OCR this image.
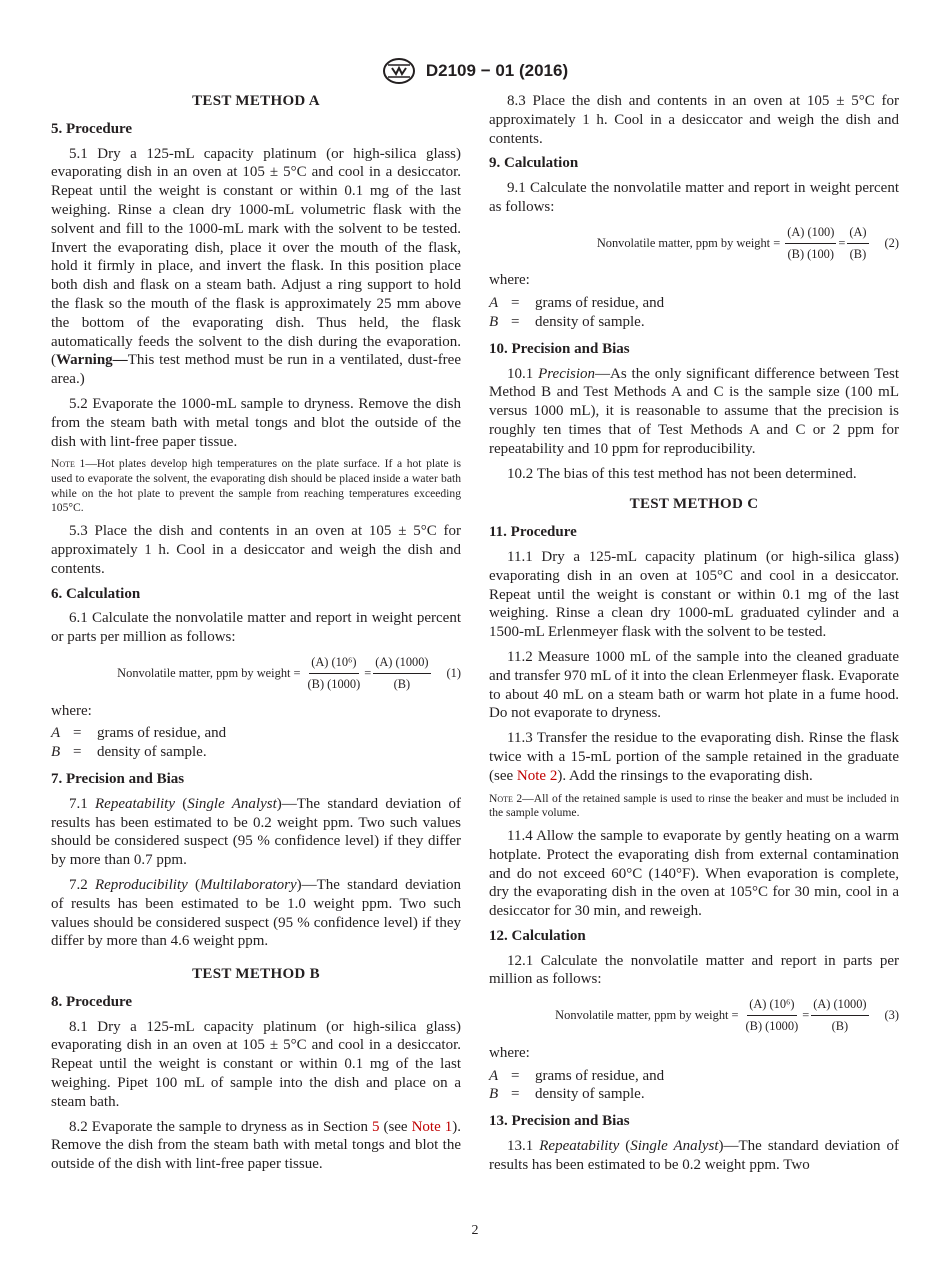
D2109 − 01 (2016)
TEST METHOD A
5. Procedure

5.1 Dry a 125-mL capacity platinum (or high-silica glass) evaporating dish in an oven at 105 ± 5°C and cool in a desiccator. Repeat until the weight is constant or within 0.1 mg of the last weighing. Rinse a clean dry 1000-mL volumetric flask with the solvent and fill to the 1000-mL mark with the solvent to be tested. Invert the evaporating dish, place it over the mouth of the flask, hold it firmly in place, and invert the flask. In this position place both dish and flask on a steam bath. Adjust a ring support to hold the flask so the mouth of the flask is approximately 25 mm above the bottom of the evaporating dish. Thus held, the flask automatically feeds the solvent to the dish during the evaporation. (Warning—This test method must be run in a ventilated, dust-free area.)

5.2 Evaporate the 1000-mL sample to dryness. Remove the dish from the steam bath with metal tongs and blot the outside of the dish with lint-free paper tissue.

Note 1—Hot plates develop high temperatures on the plate surface. If a hot plate is used to evaporate the solvent, the evaporating dish should be placed inside a water bath while on the hot plate to prevent the sample from reaching temperatures exceeding 105°C.

5.3 Place the dish and contents in an oven at 105 ± 5°C for approximately 1 h. Cool in a desiccator and weigh the dish and contents.

6. Calculation

6.1 Calculate the nonvolatile matter and report in weight percent or parts per million as follows:

Nonvolatile matter, ppm by weight = $\frac{\text{(A) (10⁶)}}{(B) (1000)} = \frac{(A) (1000)}{(B)} (1)$

where:

A =	grams of residue, and
B =	density of sample.
7. Precision and Bias

7.1 Repeatability (Single Analyst)—The standard deviation of results has been estimated to be 0.2 weight ppm. Two such values should be considered suspect (95 % confidence level) if they differ by more than 0.7 ppm.

7.2 Reproducibility (Multilaboratory)—The standard deviation of results has been estimated to be 1.0 weight ppm. Two such values should be considered suspect (95 % confidence level) if they differ by more than 4.6 weight ppm.

TEST METHOD B
8. Procedure

8.1 Dry a 125-mL capacity platinum (or high-silica glass) evaporating dish in an oven at 105 ± 5°C and cool in a desiccator. Repeat until the weight is constant or within 0.1 mg of the last weighing. Pipet 100 mL of sample into the dish and place on a steam bath.

8.2 Evaporate the sample to dryness as in Section 5 (see Note 1). Remove the dish from the steam bath with metal tongs and blot the outside of the dish with lint-free paper tissue.

8.3 Place the dish and contents in an oven at 105 ± 5°C for approximately 1 h. Cool in a desiccator and weigh the dish and contents.

9. Calculation

9.1 Calculate the nonvolatile matter and report in weight percent as follows:

Nonvolatile matter, ppm by weight = $\frac{(A) (100)}{(B) (100)} = \frac{(A)}{(B)} (2)$

where:

A =	grams of residue, and
B =	density of sample.
10. Precision and Bias

10.1 Precision—As the only significant difference between Test Method B and Test Methods A and C is the sample size (100 mL versus 1000 mL), it is reasonable to assume that the precision is roughly ten times that of Test Methods A and C or 2 ppm for repeatability and 10 ppm for reproducibility.

10.2 The bias of this test method has not been determined.

TEST METHOD C
11. Procedure

11.1 Dry a 125-mL capacity platinum (or high-silica glass) evaporating dish in an oven at 105°C and cool in a desiccator. Repeat until the weight is constant or within 0.1 mg of the last weighing. Rinse a clean dry 1000-mL graduated cylinder and a 1500-mL Erlenmeyer flask with the solvent to be tested.

11.2 Measure 1000 mL of the sample into the cleaned graduate and transfer 970 mL of it into the clean Erlenmeyer flask. Evaporate to about 40 mL on a steam bath or warm hot plate in a fume hood. Do not evaporate to dryness.

11.3 Transfer the residue to the evaporating dish. Rinse the flask twice with a 15-mL portion of the sample retained in the graduate (see Note 2). Add the rinsings to the evaporating dish.

Note 2—All of the retained sample is used to rinse the beaker and must be included in the sample volume.

11.4 Allow the sample to evaporate by gently heating on a warm hotplate. Protect the evaporating dish from external contamination and do not exceed 60°C (140°F). When evaporation is complete, dry the evaporating dish in the oven at 105°C for 30 min, cool in a desiccator for 30 min, and reweigh.

12. Calculation

12.1 Calculate the nonvolatile matter and report in parts per million as follows:

Nonvolatile matter, ppm by weight = $\frac{\text{(A) (10⁶)}}{(B) (1000)} = \frac{(A) (1000)}{(B)} (3)$

where:

A =	grams of residue, and
B =	density of sample.
13. Precision and Bias

13.1 Repeatability (Single Analyst)—The standard deviation of results has been estimated to be 0.2 weight ppm. Two

2
